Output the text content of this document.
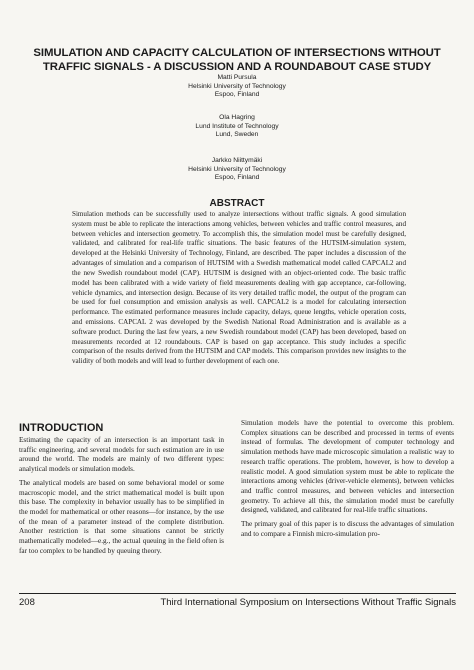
SIMULATION AND CAPACITY CALCULATION OF INTERSECTIONS WITHOUT
TRAFFIC SIGNALS - A DISCUSSION AND A ROUNDABOUT CASE STUDY
Matti Pursula
Helsinki University of Technology
Espoo, Finland
Ola Hagring
Lund Institute of Technology
Lund, Sweden
Jarkko Niittymäki
Helsinki University of Technology
Espoo, Finland
ABSTRACT
Simulation methods can be successfully used to analyze intersections without traffic signals. A good simulation system must be able to replicate the interactions among vehicles, between vehicles and traffic control measures, and between vehicles and intersection geometry. To accomplish this, the simulation model must be carefully designed, validated, and calibrated for real-life traffic situations. The basic features of the HUTSIM-simulation system, developed at the Helsinki University of Technology, Finland, are described. The paper includes a discussion of the advantages of simulation and a comparison of HUTSIM with a Swedish mathematical model called CAPCAL2 and the new Swedish roundabout model (CAP). HUTSIM is designed with an object-oriented code. The basic traffic model has been calibrated with a wide variety of field measurements dealing with gap acceptance, car-following, vehicle dynamics, and intersection design. Because of its very detailed traffic model, the output of the program can be used for fuel consumption and emission analysis as well. CAPCAL2 is a model for calculating intersection performance. The estimated performance measures include capacity, delays, queue lengths, vehicle operation costs, and emissions. CAPCAL 2 was developed by the Swedish National Road Administration and is available as a software product. During the last few years, a new Swedish roundabout model (CAP) has been developed, based on measurements recorded at 12 roundabouts. CAP is based on gap acceptance. This study includes a specific comparison of the results derived from the HUTSIM and CAP models. This comparison provides new insights to the validity of both models and will lead to further development of each one.
INTRODUCTION

Estimating the capacity of an intersection is an important task in traffic engineering, and several models for such estimation are in use around the world. The models are mainly of two different types: analytical models or simulation models.

The analytical models are based on some behavioral model or some macroscopic model, and the strict mathematical model is built upon this base. The complexity in behavior usually has to be simplified in the model for mathematical or other reasons—for instance, by the use of the mean of a parameter instead of the complete distribution. Another restriction is that some situations cannot be strictly mathematically modeled—e.g., the actual queuing in the field often is far too complex to be handled by queuing theory.

Simulation models have the potential to overcome this problem. Complex situations can be described and processed in terms of events instead of formulas. The development of computer technology and simulation methods have made microscopic simulation a realistic way to research traffic operations. The problem, however, is how to develop a realistic model. A good simulation system must be able to replicate the interactions among vehicles (driver-vehicle elements), between vehicles and traffic control measures, and between vehicles and intersection geometry. To achieve all this, the simulation model must be carefully designed, validated, and calibrated for real-life traffic situations.

The primary goal of this paper is to discuss the advantages of simulation and to compare a Finnish micro-simulation pro-

208	Third International Symposium on Intersections Without Traffic Signals
